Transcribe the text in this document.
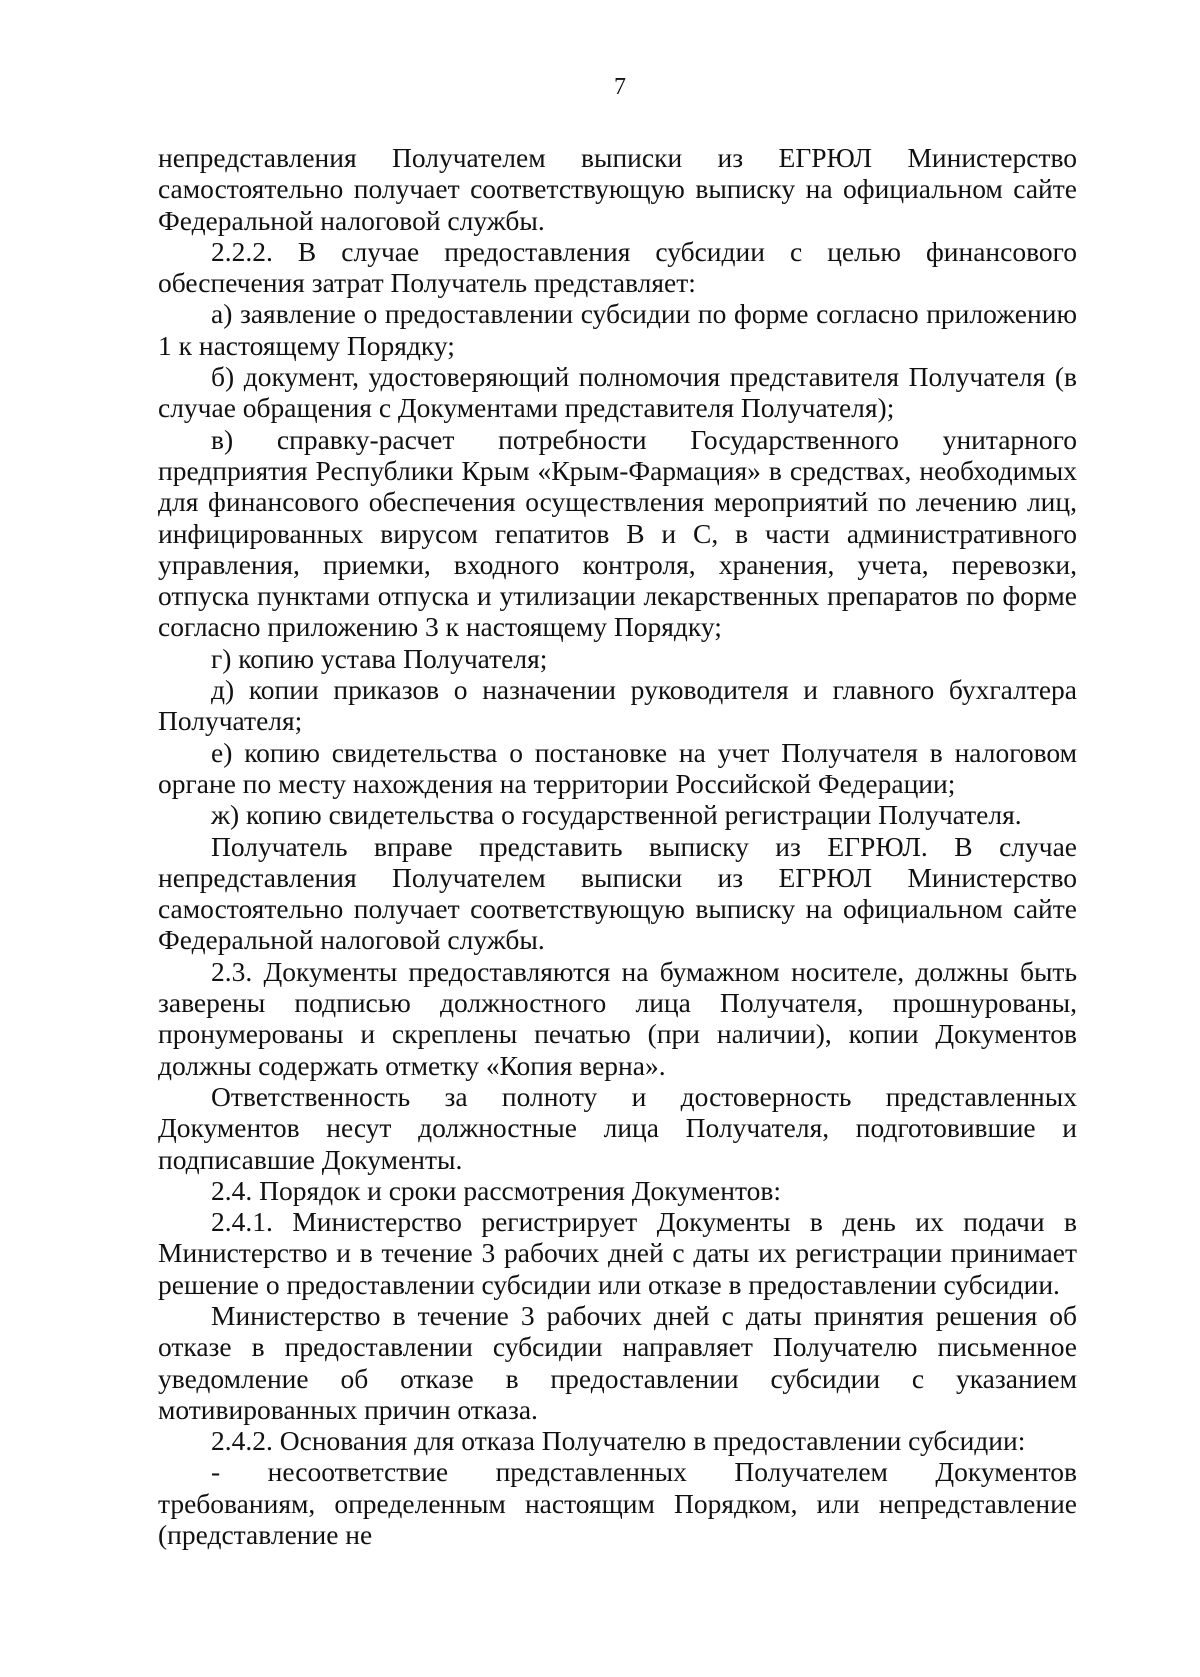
7

непредставления Получателем выписки из ЕГРЮЛ Министерство самостоятельно получает соответствующую выписку на официальном сайте Федеральной налоговой службы.

2.2.2. В случае предоставления субсидии с целью финансового обеспечения затрат Получатель представляет:

а) заявление о предоставлении субсидии по форме согласно приложению 1 к настоящему Порядку;

б) документ, удостоверяющий полномочия представителя Получателя (в случае обращения с Документами представителя Получателя);

в) справку-расчет потребности Государственного унитарного предприятия Республики Крым «Крым-Фармация» в средствах, необходимых для финансового обеспечения осуществления мероприятий по лечению лиц, инфицированных вирусом гепатитов B и C, в части административного управления, приемки, входного контроля, хранения, учета, перевозки, отпуска пунктами отпуска и утилизации лекарственных препаратов по форме согласно приложению 3 к настоящему Порядку;

г) копию устава Получателя;

д) копии приказов о назначении руководителя и главного бухгалтера Получателя;

е) копию свидетельства о постановке на учет Получателя в налоговом органе по месту нахождения на территории Российской Федерации;

ж) копию свидетельства о государственной регистрации Получателя.

Получатель вправе представить выписку из ЕГРЮЛ. В случае непредставления Получателем выписки из ЕГРЮЛ Министерство самостоятельно получает соответствующую выписку на официальном сайте Федеральной налоговой службы.

2.3. Документы предоставляются на бумажном носителе, должны быть заверены подписью должностного лица Получателя, прошнурованы, пронумерованы и скреплены печатью (при наличии), копии Документов должны содержать отметку «Копия верна».

Ответственность за полноту и достоверность представленных Документов несут должностные лица Получателя, подготовившие и подписавшие Документы.

2.4. Порядок и сроки рассмотрения Документов:

2.4.1. Министерство регистрирует Документы в день их подачи в Министерство и в течение 3 рабочих дней с даты их регистрации принимает решение о предоставлении субсидии или отказе в предоставлении субсидии.

Министерство в течение 3 рабочих дней с даты принятия решения об отказе в предоставлении субсидии направляет Получателю письменное уведомление об отказе в предоставлении субсидии с указанием мотивированных причин отказа.

2.4.2. Основания для отказа Получателю в предоставлении субсидии:

- несоответствие представленных Получателем Документов требованиям, определенным настоящим Порядком, или непредставление (представление не
